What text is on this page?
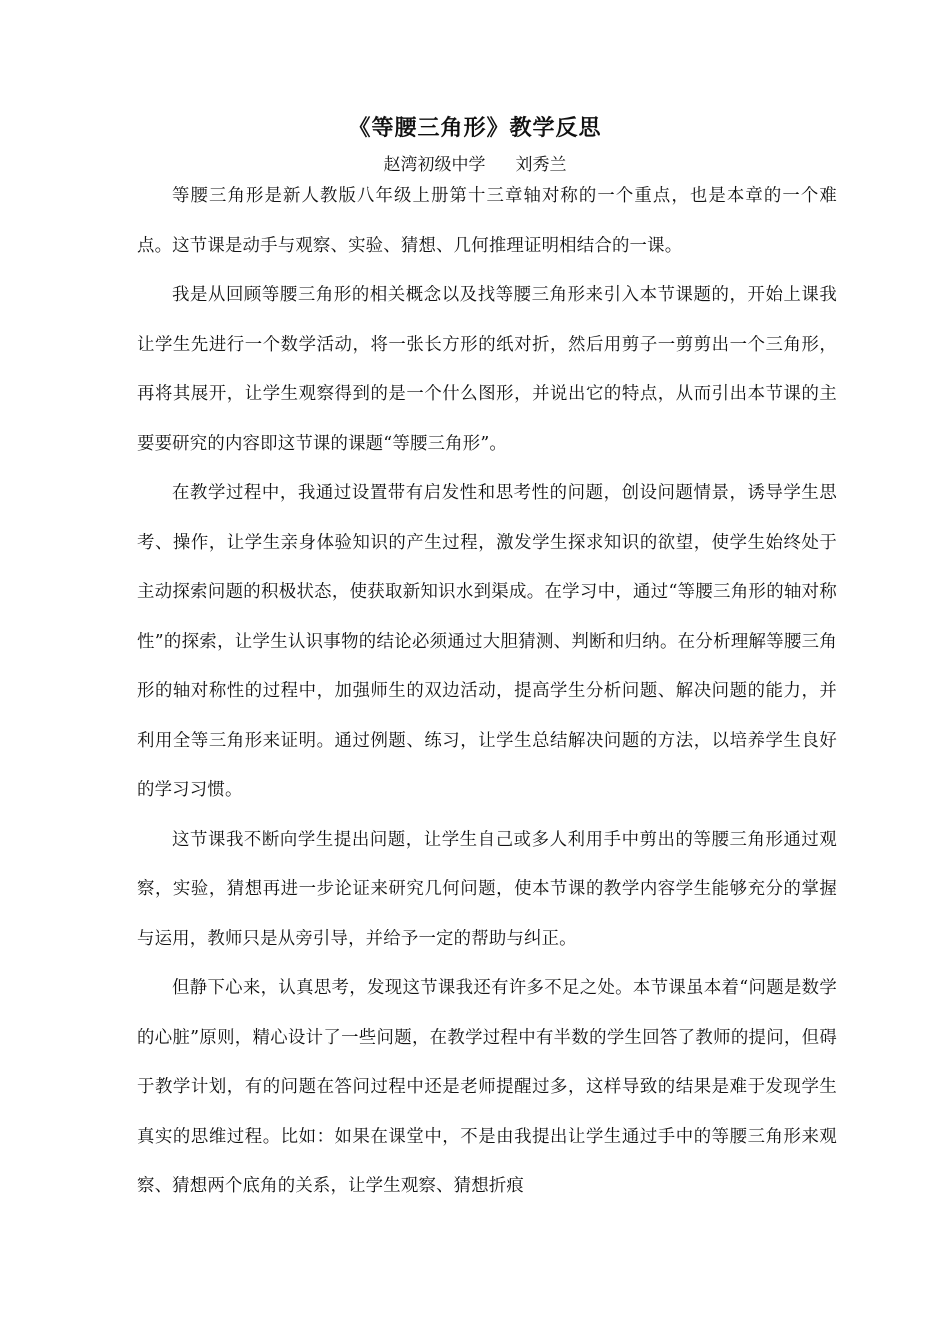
《等腰三角形》教学反思
赵湾初级中学 刘秀兰

等腰三角形是新人教版八年级上册第十三章轴对称的一个重点，也是本章的一个难点。这节课是动手与观察、实验、猜想、几何推理证明相结合的一课。

我是从回顾等腰三角形的相关概念以及找等腰三角形来引入本节课题的，开始上课我让学生先进行一个数学活动，将一张长方形的纸对折，然后用剪子一剪剪出一个三角形，再将其展开，让学生观察得到的是一个什么图形，并说出它的特点，从而引出本节课的主要要研究的内容即这节课的课题“等腰三角形”。

在教学过程中，我通过设置带有启发性和思考性的问题，创设问题情景，诱导学生思考、操作，让学生亲身体验知识的产生过程，激发学生探求知识的欲望，使学生始终处于主动探索问题的积极状态，使获取新知识水到渠成。在学习中，通过“等腰三角形的轴对称性”的探索，让学生认识事物的结论必须通过大胆猜测、判断和归纳。在分析理解等腰三角形的轴对称性的过程中，加强师生的双边活动，提高学生分析问题、解决问题的能力，并利用全等三角形来证明。通过例题、练习，让学生总结解决问题的方法，以培养学生良好的学习习惯。

这节课我不断向学生提出问题，让学生自己或多人利用手中剪出的等腰三角形通过观察，实验，猜想再进一步论证来研究几何问题，使本节课的教学内容学生能够充分的掌握与运用，教师只是从旁引导，并给予一定的帮助与纠正。

但静下心来，认真思考，发现这节课我还有许多不足之处。本节课虽本着“问题是数学的心脏”原则，精心设计了一些问题，在教学过程中有半数的学生回答了教师的提问，但碍于教学计划，有的问题在答问过程中还是老师提醒过多，这样导致的结果是难于发现学生真实的思维过程。比如：如果在课堂中，不是由我提出让学生通过手中的等腰三角形来观察、猜想两个底角的关系，让学生观察、猜想折痕
